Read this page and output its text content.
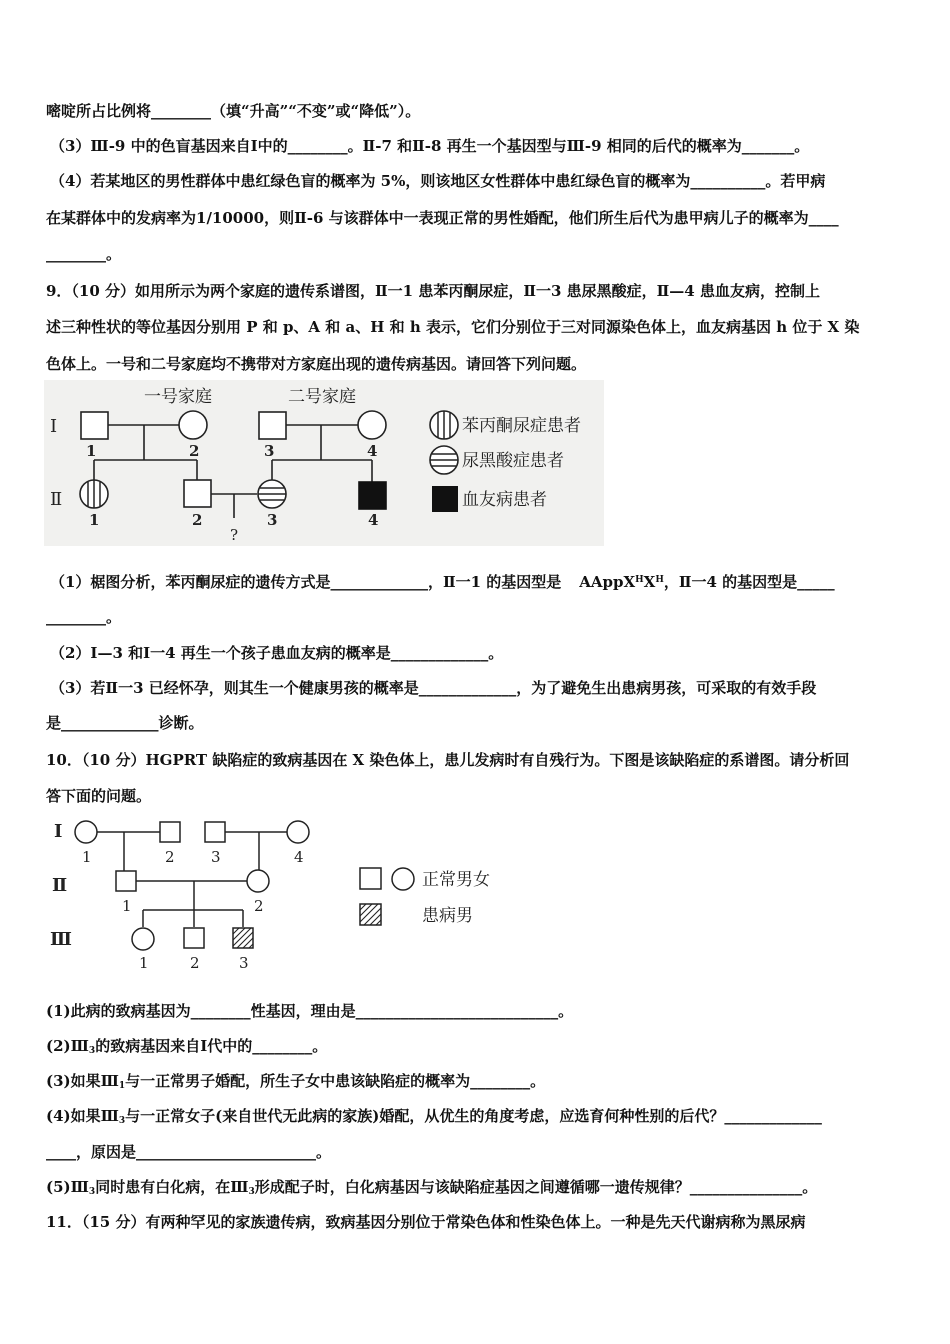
嘧啶所占比例将________（填“升高”“不变”或“降低”）。
（3）Ⅲ-9 中的色盲基因来自Ⅰ中的________。Ⅱ-7 和Ⅱ-8 再生一个基因型与Ⅲ-9 相同的后代的概率为_______。
（4）若某地区的男性群体中患红绿色盲的概率为 5%，则该地区女性群体中患红绿色盲的概率为__________。若甲病
在某群体中的发病率为1/10000，则Ⅱ-6 与该群体中一表现正常的男性婚配，他们所生后代为患甲病儿子的概率为____
________。
9．（10 分）如用所示为两个家庭的遗传系谱图，Ⅱ一1 患苯丙酮尿症，Ⅱ一3 患尿黑酸症，Ⅱ—4 患血友病，控制上
述三种性状的等位基因分别用 P 和 p、A 和 a、H 和 h 表示，它们分别位于三对同源染色体上，血友病基因 h 位于 X 染
色体上。一号和二号家庭均不携带对方家庭出现的遗传病基因。请回答下列问题。
一号家庭	二号家庭
Ⅰ
Ⅱ
1	2	3	4
1	2	3	4
?
苯丙酮尿症患者
尿黑酸症患者
血友病患者
（1）椐图分析，苯丙酮尿症的遗传方式是_____________，Ⅱ一1 的基因型是 $AAppX^HX^H$，Ⅱ一4 的基因型是_____
________。
（2）Ⅰ—3 和Ⅰ一4 再生一个孩子患血友病的概率是_____________。
（3）若Ⅱ一3 已经怀孕，则其生一个健康男孩的概率是_____________，为了避免生出患病男孩，可采取的有效手段
是_____________诊断。
10．（10 分）HGPRT 缺陷症的致病基因在 X 染色体上，患儿发病时有自残行为。下图是该缺陷症的系谱图。请分析回
答下面的问题。
Ⅰ
Ⅱ
Ⅲ
1	2 3	4
1	2
1	2	3
正常男女
患病男
(1)此病的致病基因为________性基因，理由是___________________________。
$(2)Ⅲ_3$的致病基因来自Ⅰ代中的________。
(3)如果$Ⅲ_1$与一正常男子婚配，所生子女中患该缺陷症的概率为________。
(4)如果$Ⅲ_3$与一正常女子(来自世代无此病的家族)婚配，从优生的角度考虑，应选育何种性别的后代？_____________
____，原因是________________________。
$(5)Ⅲ_3$同时患有白化病，在$Ⅲ_3$形成配子时，白化病基因与该缺陷症基因之间遵循哪一遗传规律？_______________。
11．（15 分）有两种罕见的家族遗传病，致病基因分别位于常染色体和性染色体上。一种是先天代谢病称为黑尿病
